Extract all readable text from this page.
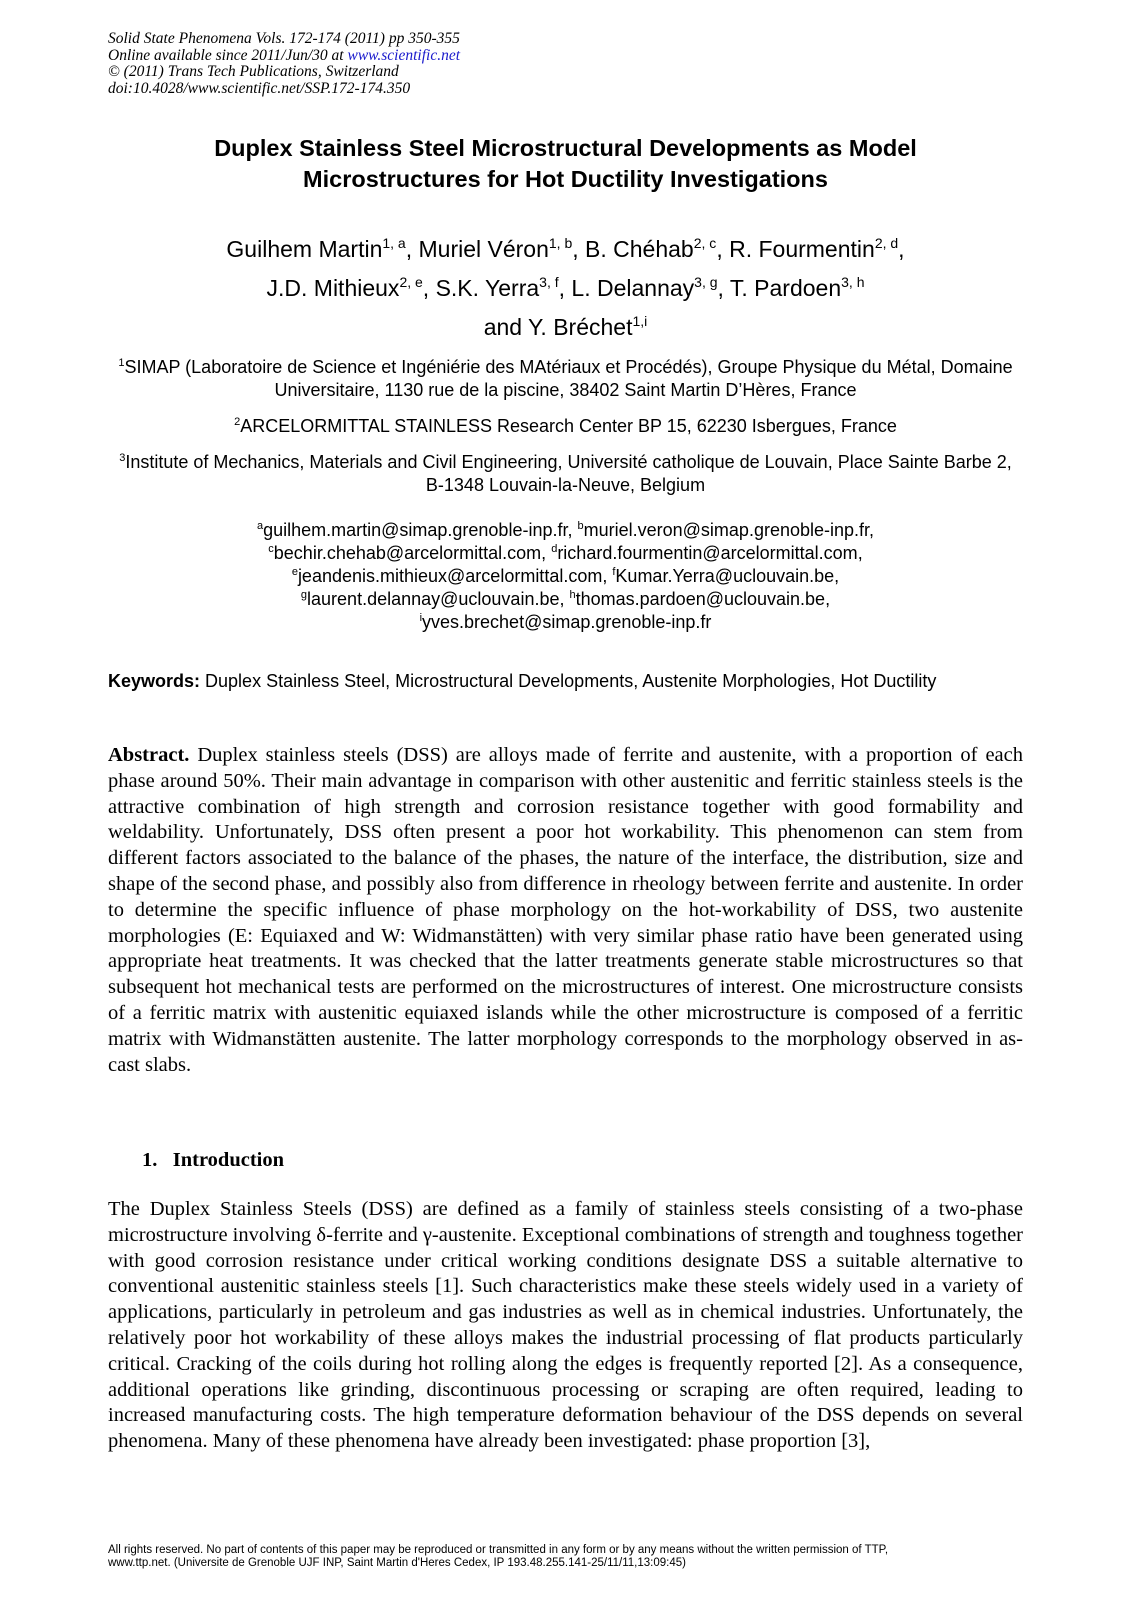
Solid State Phenomena Vols. 172-174 (2011) pp 350-355
Online available since 2011/Jun/30 at www.scientific.net
© (2011) Trans Tech Publications, Switzerland
doi:10.4028/www.scientific.net/SSP.172-174.350
Duplex Stainless Steel Microstructural Developments as Model
Microstructures for Hot Ductility Investigations
Guilhem Martin$^{1, a}$, Muriel Véron$^{1, b}$, B. Chéhab$^{2, c}$, R. Fourmentin$^{2, d}$,
J.D. Mithieux$^{2, e}$, S.K. Yerra$^{3, f}$, L. Delannay$^{3, g}$, T. Pardoen$^{3, h}$
and Y. Bréchet$^{1,i}$
$^1$SIMAP (Laboratoire de Science et Ingéniérie des MAtériaux et Procédés), Groupe Physique du Métal, Domaine Universitaire, 1130 rue de la piscine, 38402 Saint Martin D’Hères, France
$^2$ARCELORMITTAL STAINLESS Research Center BP 15, 62230 Isbergues, France
$^3$Institute of Mechanics, Materials and Civil Engineering, Université catholique de Louvain, Place Sainte Barbe 2, B-1348 Louvain-la-Neuve, Belgium
$^a$guilhem.martin@simap.grenoble-inp.fr, $^b$muriel.veron@simap.grenoble-inp.fr,
$^c$bechir.chehab@arcelormittal.com, $^d$richard.fourmentin@arcelormittal.com,
$^e$jeandenis.mithieux@arcelormittal.com, $^f$Kumar.Yerra@uclouvain.be,
$^g$laurent.delannay@uclouvain.be, $^h$thomas.pardoen@uclouvain.be,
$^i$yves.brechet@simap.grenoble-inp.fr
Keywords: Duplex Stainless Steel, Microstructural Developments, Austenite Morphologies, Hot Ductility
Abstract. Duplex stainless steels (DSS) are alloys made of ferrite and austenite, with a proportion of each phase around 50%. Their main advantage in comparison with other austenitic and ferritic stainless steels is the attractive combination of high strength and corrosion resistance together with good formability and weldability. Unfortunately, DSS often present a poor hot workability. This phenomenon can stem from different factors associated to the balance of the phases, the nature of the interface, the distribution, size and shape of the second phase, and possibly also from difference in rheology between ferrite and austenite. In order to determine the specific influence of phase morphology on the hot-workability of DSS, two austenite morphologies (E: Equiaxed and W: Widmanstätten) with very similar phase ratio have been generated using appropriate heat treatments. It was checked that the latter treatments generate stable microstructures so that subsequent hot mechanical tests are performed on the microstructures of interest. One microstructure consists of a ferritic matrix with austenitic equiaxed islands while the other microstructure is composed of a ferritic matrix with Widmanstätten austenite. The latter morphology corresponds to the morphology observed in as-cast slabs.
1.   Introduction
The Duplex Stainless Steels (DSS) are defined as a family of stainless steels consisting of a two-phase microstructure involving δ-ferrite and γ-austenite. Exceptional combinations of strength and toughness together with good corrosion resistance under critical working conditions designate DSS a suitable alternative to conventional austenitic stainless steels [1]. Such characteristics make these steels widely used in a variety of applications, particularly in petroleum and gas industries as well as in chemical industries. Unfortunately, the relatively poor hot workability of these alloys makes the industrial processing of flat products particularly critical. Cracking of the coils during hot rolling along the edges is frequently reported [2]. As a consequence, additional operations like grinding, discontinuous processing or scraping are often required, leading to increased manufacturing costs. The high temperature deformation behaviour of the DSS depends on several phenomena. Many of these phenomena have already been investigated: phase proportion [3],
All rights reserved. No part of contents of this paper may be reproduced or transmitted in any form or by any means without the written permission of TTP,
www.ttp.net. (Universite de Grenoble UJF INP, Saint Martin d'Heres Cedex, IP 193.48.255.141-25/11/11,13:09:45)
